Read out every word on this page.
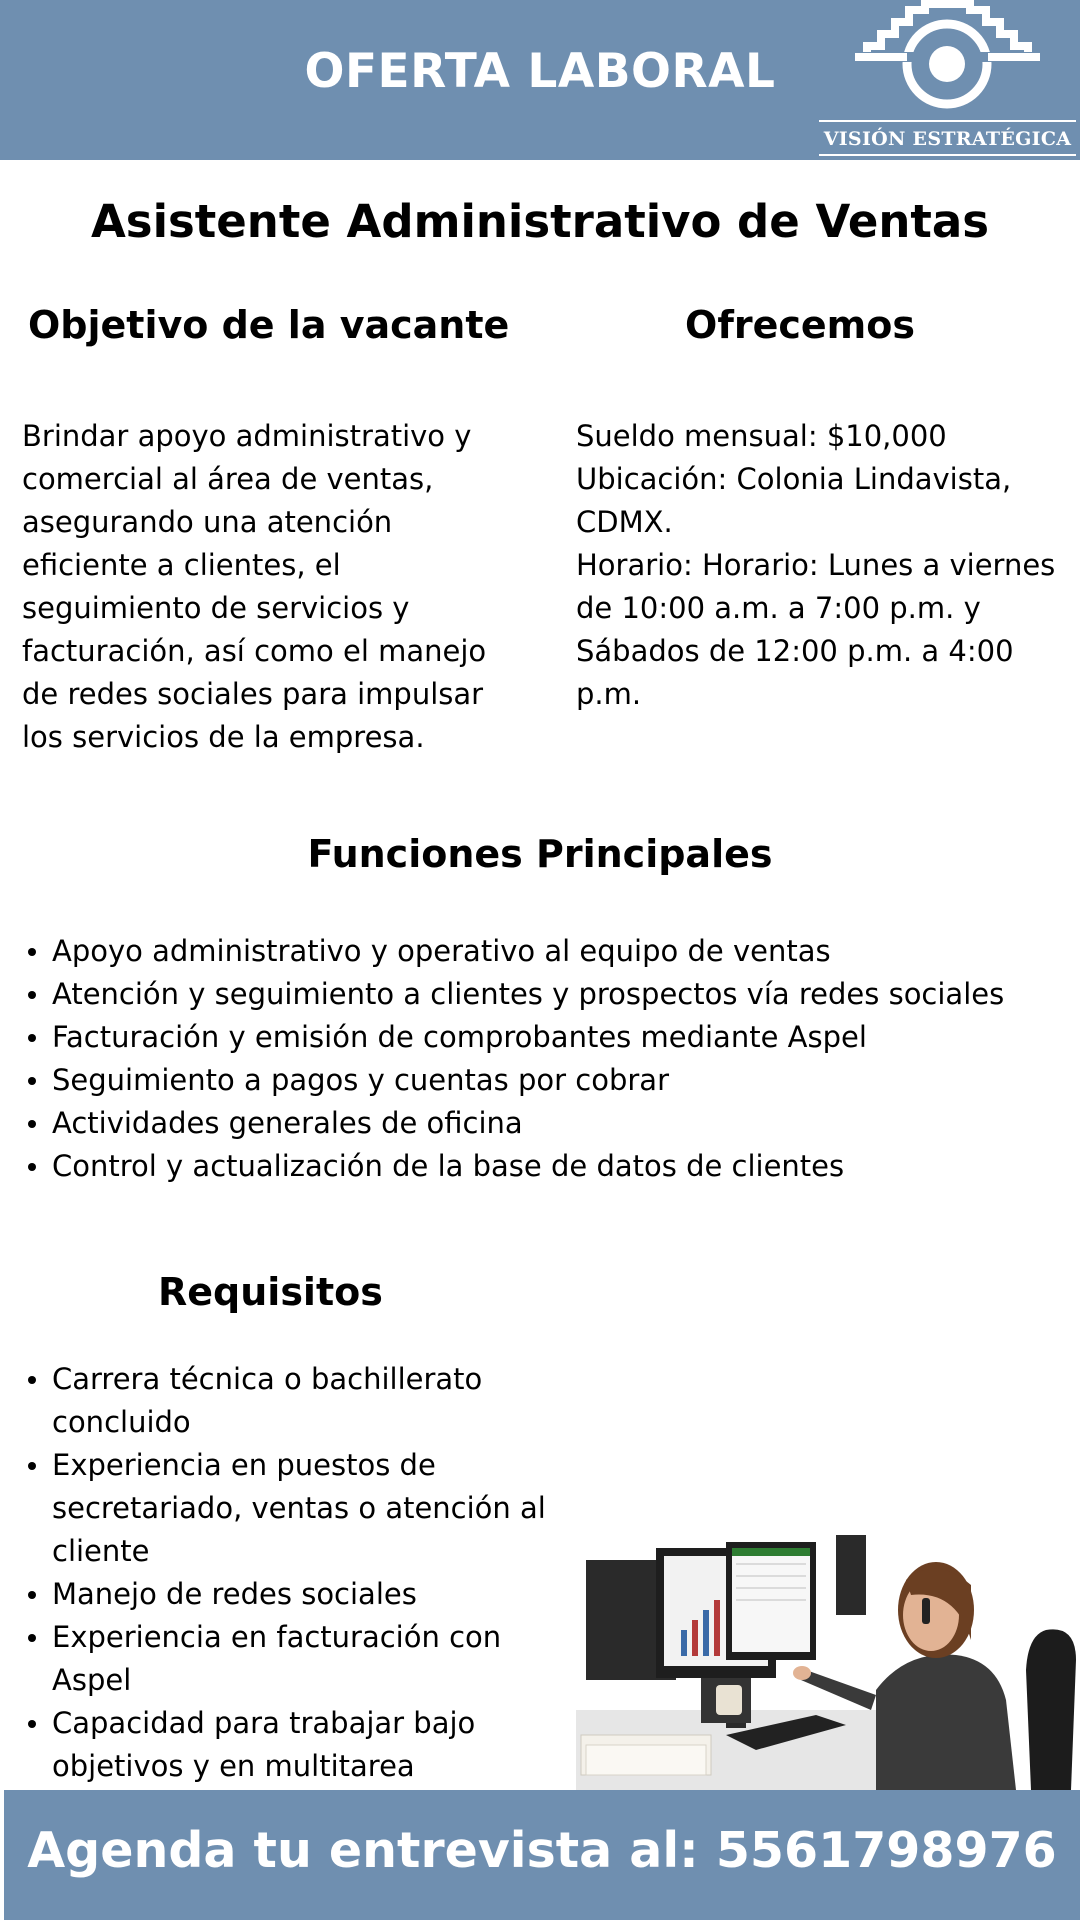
OFERTA LABORAL
VISIÓN ESTRATÉGICA
Asistente Administrativo de Ventas
Objetivo de la vacante

Brindar apoyo administrativo y comercial al área de ventas, asegurando una atención eficiente a clientes, el seguimiento de servicios y facturación, así como el manejo de redes sociales para impulsar los servicios de la empresa.

Ofrecemos
Sueldo mensual: $10,000
Ubicación: Colonia Lindavista, CDMX.
Horario: Horario: Lunes a viernes de 10:00 a.m. a 7:00 p.m. y Sábados de 12:00 p.m. a 4:00 p.m.
Funciones Principales
Apoyo administrativo y operativo al equipo de ventas
Atención y seguimiento a clientes y prospectos vía redes sociales
Facturación y emisión de comprobantes mediante Aspel
Seguimiento a pagos y cuentas por cobrar
Actividades generales de oficina
Control y actualización de la base de datos de clientes
Requisitos
Carrera técnica o bachillerato concluido
Experiencia en puestos de secretariado, ventas o atención al cliente
Manejo de redes sociales
Experiencia en facturación con Aspel
Capacidad para trabajar bajo objetivos y en multitarea
Agenda tu entrevista al: 5561798976
